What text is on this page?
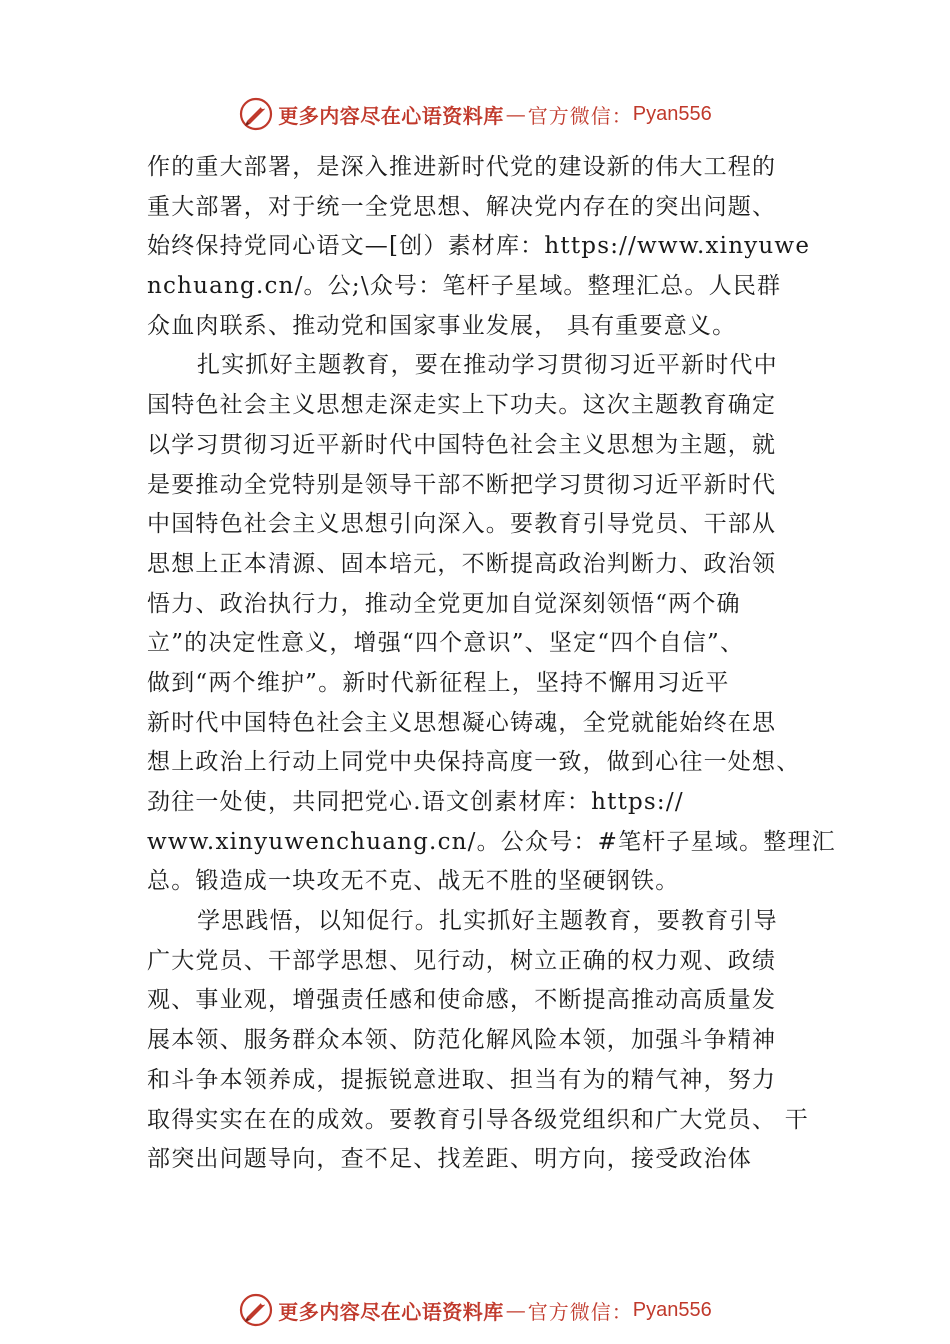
更多内容尽在心语资料库 — 官方微信： Pyan556
作的重大部署，是深入推进新时代党的建设新的伟大工程的
重大部署，对于统一全党思想、解决党内存在的突出问题、
始终保持党同心语文—[创）素材库：https://www.xinyuwe
nchuang.cn/。公;\众号：笔杆子星域。整理汇总。人民群
众血肉联系、推动党和国家事业发展， 具有重要意义。
扎实抓好主题教育，要在推动学习贯彻习近平新时代中
国特色社会主义思想走深走实上下功夫。这次主题教育确定
以学习贯彻习近平新时代中国特色社会主义思想为主题，就
是要推动全党特别是领导干部不断把学习贯彻习近平新时代
中国特色社会主义思想引向深入。要教育引导党员、干部从
思想上正本清源、固本培元，不断提高政治判断力、政治领
悟力、政治执行力，推动全党更加自觉深刻领悟“两个确
立”的决定性意义，增强“四个意识”、坚定“四个自信”、
做到“两个维护”。新时代新征程上，坚持不懈用习近平
新时代中国特色社会主义思想凝心铸魂，全党就能始终在思
想上政治上行动上同党中央保持高度一致，做到心往一处想、
劲往一处使，共同把党心.语文创素材库：https://
www.xinyuwenchuang.cn/。公众号：#笔杆子星域。整理汇
总。锻造成一块攻无不克、战无不胜的坚硬钢铁。
学思践悟，以知促行。扎实抓好主题教育，要教育引导
广大党员、干部学思想、见行动，树立正确的权力观、政绩
观、事业观，增强责任感和使命感，不断提高推动高质量发
展本领、服务群众本领、防范化解风险本领，加强斗争精神
和斗争本领养成，提振锐意进取、担当有为的精气神，努力
取得实实在在的成效。要教育引导各级党组织和广大党员、 干
部突出问题导向，查不足、找差距、明方向，接受政治体
更多内容尽在心语资料库 — 官方微信： Pyan556
